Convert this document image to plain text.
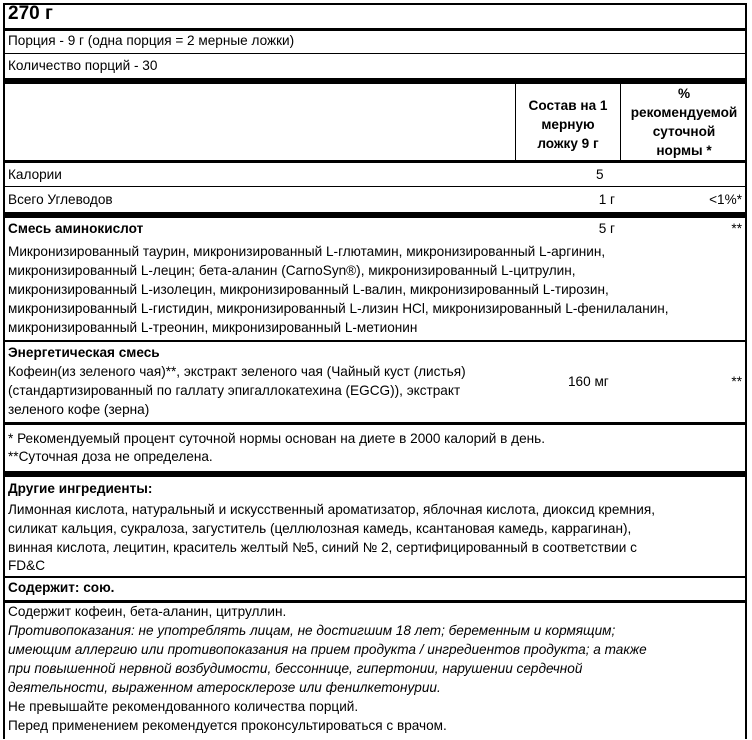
270 г
Порция - 9 г (одна порция = 2 мерные ложки)
Количество порций - 30
Состав на 1
мерную
ложку 9 г
%
рекомендуемой
суточной
нормы *
Калории	5
Всего Углеводов	1 г	<1%*
Смесь аминокислот	5 г	**
Микронизированный таурин, микронизированный L-глютамин, микронизированный L-аргинин,
микронизированный L-лецин; бета-аланин (CarnoSyn®), микронизированный L-цитрулин,
микронизированный L-изолецин, микронизированный L-валин, микронизированный L-тирозин,
микронизированный L-гистидин, микронизированный L-лизин HCl, микронизированный L-фенилаланин,
микронизированный L-треонин, микронизированный L-метионин
Энергетическая смесь
Кофеин(из зеленого чая)**, экстракт зеленого чая (Чайный куст (листья)
(стандартизированный по галлату эпигаллокатехина (EGCG)), экстракт
зеленого кофе (зерна)
160 мг	**
* Рекомендуемый процент суточной нормы основан на диете в 2000 калорий в день.
**Суточная доза не определена.
Другие ингредиенты:
Лимонная кислота, натуральный и искусственный ароматизатор, яблочная кислота, диоксид кремния,
силикат кальция, сукралоза, загуститель (целлюлозная камедь, ксантановая камедь, каррагинан),
винная кислота, лецитин, краситель желтый №5, синий № 2, сертифицированный в соответствии с
FD&C
Содержит: сою.
Содержит кофеин, бета-аланин, цитруллин.
Противопоказания: не употреблять лицам, не достигшим 18 лет; беременным и кормящим;
имеющим аллергию или противопоказания на прием продукта / ингредиентов продукта; а также
при повышенной нервной возбудимости, бессоннице, гипертонии, нарушении сердечной
деятельности, выраженном атеросклерозе или фенилкетонурии.
Не превышайте рекомендованного количества порций.
Перед применением рекомендуется проконсультироваться с врачом.
